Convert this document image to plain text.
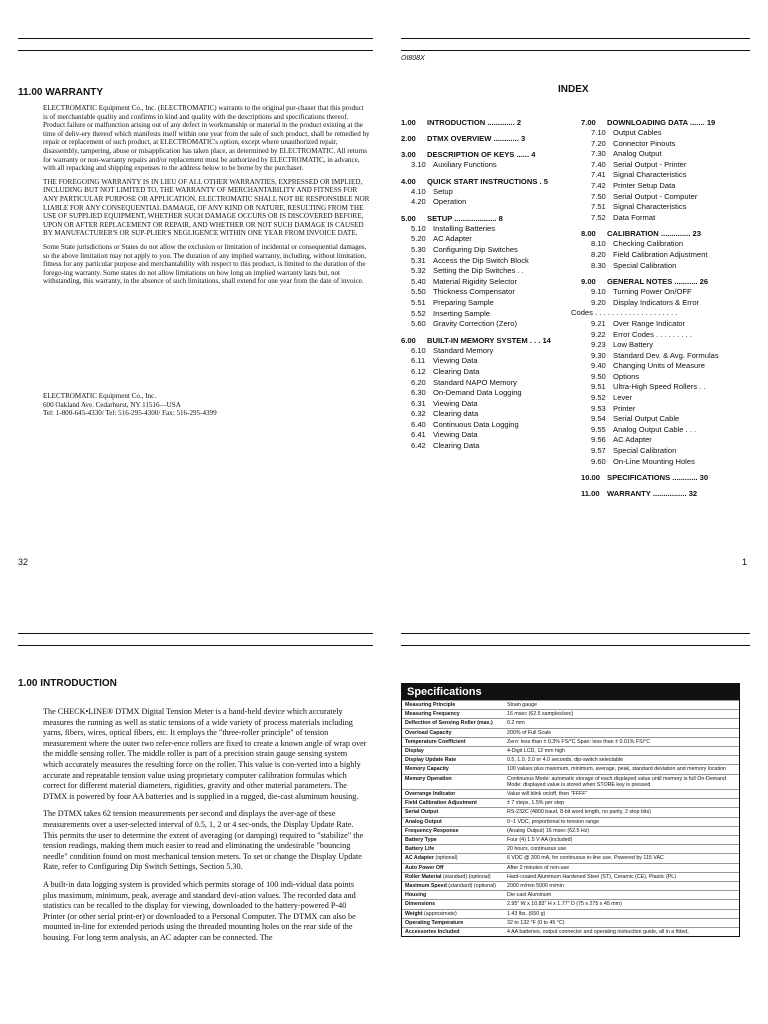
11.00 WARRANTY

ELECTROMATIC Equipment Co., Inc. (ELECTROMATIC) warrants to the original pur-chaser that this product is of merchantable quality and confirms in kind and quality with the descriptions and specifications thereof. Product failure or malfunction arising out of any defect in workmanship or material in the product existing at the time of deliv-ery thereof which manifests itself within one year from the sale of such product, shall be remedied by repair or replacement of such product, at ELECTROMATIC's option, except where unauthorized repair, disassembly, tampering, abuse or misapplication has taken place, as determined by ELECTROMATIC. All returns for warranty or non-warranty repairs and/or replacement must be authorized by ELECTROMATIC, in advance, with all repacking and shipping expenses to the address below to be borne by the purchaser.

THE FOREGOING WARRANTY IS IN LIEU OF ALL OTHER WARRANTIES, EXPRESSED OR IMPLIED, INCLUDING BUT NOT LIMITED TO, THE WARRANTY OF MERCHANTABILITY AND FITNESS FOR ANY PARTICULAR PURPOSE OR APPLICATION. ELECTROMATIC SHALL NOT BE RESPONSIBLE NOR LIABLE FOR ANY CONSEQUENTIAL DAMAGE, OF ANY KIND OR NATURE, RESULTING FROM THE USE OF SUPPLIED EQUIPMENT, WHETHER SUCH DAMAGE OCCURS OR IS DISCOVERED BEFORE, UPON OR AFTER REPLACEMENT OR REPAIR, AND WHETHER OR NOT SUCH DAMAGE IS CAUSED BY MANUFACTURER'S OR SUP-PLIER'S NEGLIGENCE WITHIN ONE YEAR FROM INVOICE DATE.

Some State jurisdictions or States do not allow the exclusion or limitation of incidental or consequential damages, so the above limitation may not apply to you. The duration of any implied warranty, including, without limitation, fitness for any particular purpose and merchantability with respect to this product, is limited to the duration of the forego-ing warranty. Some states do not allow limitations on how long an implied warranty lasts but, not withstanding, this warranty, in the absence of such limitations, shall extend for one year from the date of invoice.

ELECTROMATIC Equipment Co., Inc.

600 Oakland Ave. Cedarhurst, NY 11516—USA

Tel: 1-800-645-4330/ Tel: 516-295-4300/ Fax: 516-295-4399

32
OI808X
INDEX
1.00 INTRODUCTION ............. 2
2.00 DTMX OVERVIEW ............ 3
3.00 DESCRIPTION OF KEYS ...... 4
3.10 Auxiliary Functions
4.00 QUICK START INSTRUCTIONS . 5
4.10 Setup
4.20 Operation
5.00 SETUP .................... 8
5.10 Installing Batteries
5.20 AC Adapter
5.30 Configuring Dip Switches
5.31 Access the Dip Switch Block
5.32 Setting the Dip Switches . .
5.40 Material Rigidity Selector
5.50 Thickness Compensator
5.51 Preparing Sample
5.52 Inserting Sample
5.60 Gravity Correction (Zero)
6.00 BUILT-IN MEMORY SYSTEM . . . 14
6.10 Standard Memory
6.11 Viewing Data
6.12 Clearing Data
6.20 Standard NAPO Memory
6.30 On-Demand Data Logging
6.31 Viewing Data
6.32 Clearing data
6.40 Continuous Data Logging
6.41 Viewing Data
6.42 Clearing Data
7.00 DOWNLOADING DATA ....... 19
7.10 Output Cables
7.20 Connector Pinouts
7.30 Analog Output
7.40 Serial Output - Printer
7.41 Signal Characteristics
7.42 Printer Setup Data
7.50 Serial Output - Computer
7.51 Signal Characteristics
7.52 Data Format
8.00 CALIBRATION .............. 23
8.10 Checking Calibration
8.20 Field Calibration Adjustment
8.30 Special Calibration
9.00 GENERAL NOTES ........... 26
9.10 Turning Power On/OFF
9.20 Display Indicators & Error
Codes . . . . . . . . . . . . . . . . . . . .
9.21 Over Range Indicator
9.22 Error Codes . . . . . . . . .
9.23 Low Battery
9.30 Standard Dev. & Avg. Formulas
9.40 Changing Units of Measure
9.50 Options
9.51 Ultra-High Speed Rollers . .
9.52 Lever
9.53 Printer
9.54 Serial Output Cable
9.55 Analog Output Cable . . .
9.56 AC Adapter
9.57 Special Calibration
9.60 On-Line Mounting Holes
10.00 SPECIFICATIONS ............ 30
11.00 WARRANTY ................ 32
1
1.00 INTRODUCTION

The CHECK•LINE® DTMX Digital Tension Meter is a hand-held device which accurately measures the running as well as static tensions of a wide variety of process materials including yarns, fibers, wires, optical fibers, etc. It employs the "three-roller principle" of tension measurement where the outer two refer-ence rollers are fixed to create a known angle of wrap over the middle sensing roller. The middle roller is part of a precision strain gauge sensing system which accurately measures the resulting force on the roller. This value is con-verted into a highly accurate and repeatable tension value using proprietary computer calibration formulas which correct for different material diameters, rigidities, gravity and other material parameters. The DTMX is powered by four AA batteries and is supplied in a rugged, die-cast aluminum housing.

The DTMX takes 62 tension measurements per second and displays the aver-age of these measurements over a user-selected interval of 0.5, 1, 2 or 4 sec-onds, the Display Update Rate. This permits the user to determine the extent of averaging (or damping) required to "stabilize" the tension readings, making them much easier to read and eliminating the undesirable "bouncing needle" condition found on most mechanical tension meters. To set or change the Display Update Rate, refer to Configuring Dip Switch Settings, Section 5.30.

A built-in data logging system is provided which permits storage of 100 indi-vidual data points plus maximum, minimum, peak, average and standard devi-ation values. The recorded data and statistics can be recalled to the display for viewing, downloaded to the battery-powered P-40 Printer (or other serial print-er) or downloaded to a Personal Computer. The DTMX can also be mounted in-line for extended periods using the threaded mounting holes on the rear side of the housing. For long term analysis, an AC adapter can be connected. The

Specifications
Measuring Principle	Strain gauge
Measuring Frequency	16 msec (62.5 samples/sec)
Deflection of Sensing Roller (max.)	0.2 mm
Overload Capacity	200% of Full Scale
Temperature Coefficient	Zero: less than ± 0.3% FS/°C Span: less than ± 0.01% FS/°C
Display	4-Digit LCD, 12 mm high
Display Update Rate	0.5, 1.0, 2.0 or 4.0 seconds, dip-switch selectable
Memory Capacity	100 values plus maximum, minimum, average, peak, standard deviation and memory location
Memory Operation	Continuous Mode: automatic storage of each displayed value until memory is full On-Demand Mode: displayed value is stored when STORE key is pressed
Overrange Indicator	Value will blink on/off, then "FFFF"
Field Calibration Adjustment	± 7 steps, 1.5% per step
Serial Output	RS-232C (4800 baud, 8-bit word length, no parity, 2 stop bits)
Analog Output	0~1 VDC, proportional to tension range
Frequency Response	(Analog Output) 16 msec (62.5 Hz)
Battery Type	Four (4) 1.5 V AA (included)
Battery Life	20 hours, continuous use
AC Adapter (optional)	6 VDC @ 300 mA, for continuous in-line use. Powered by 115 VAC
Auto Power Off	After 2 minutes of non-use
Roller Material (standard) (optional)	Hard-coated Aluminum Hardened Steel (ST), Ceramic (CE), Plastic (PL)
Maximum Speed (standard) (optional)	2000 m/min 5000 m/min
Housing	Die-cast Aluminum
Dimensions	2.95" W x 10.83" H x 1.77" D (75 x 275 x 45 mm)
Weight (approximate)	1.43 lbs. (650 g)
Operating Temperature	32 to 132 °F (0 to 45 °C)
Accessories Included	4 AA batteries, output connector and operating instruction guide, all in a fitted,
